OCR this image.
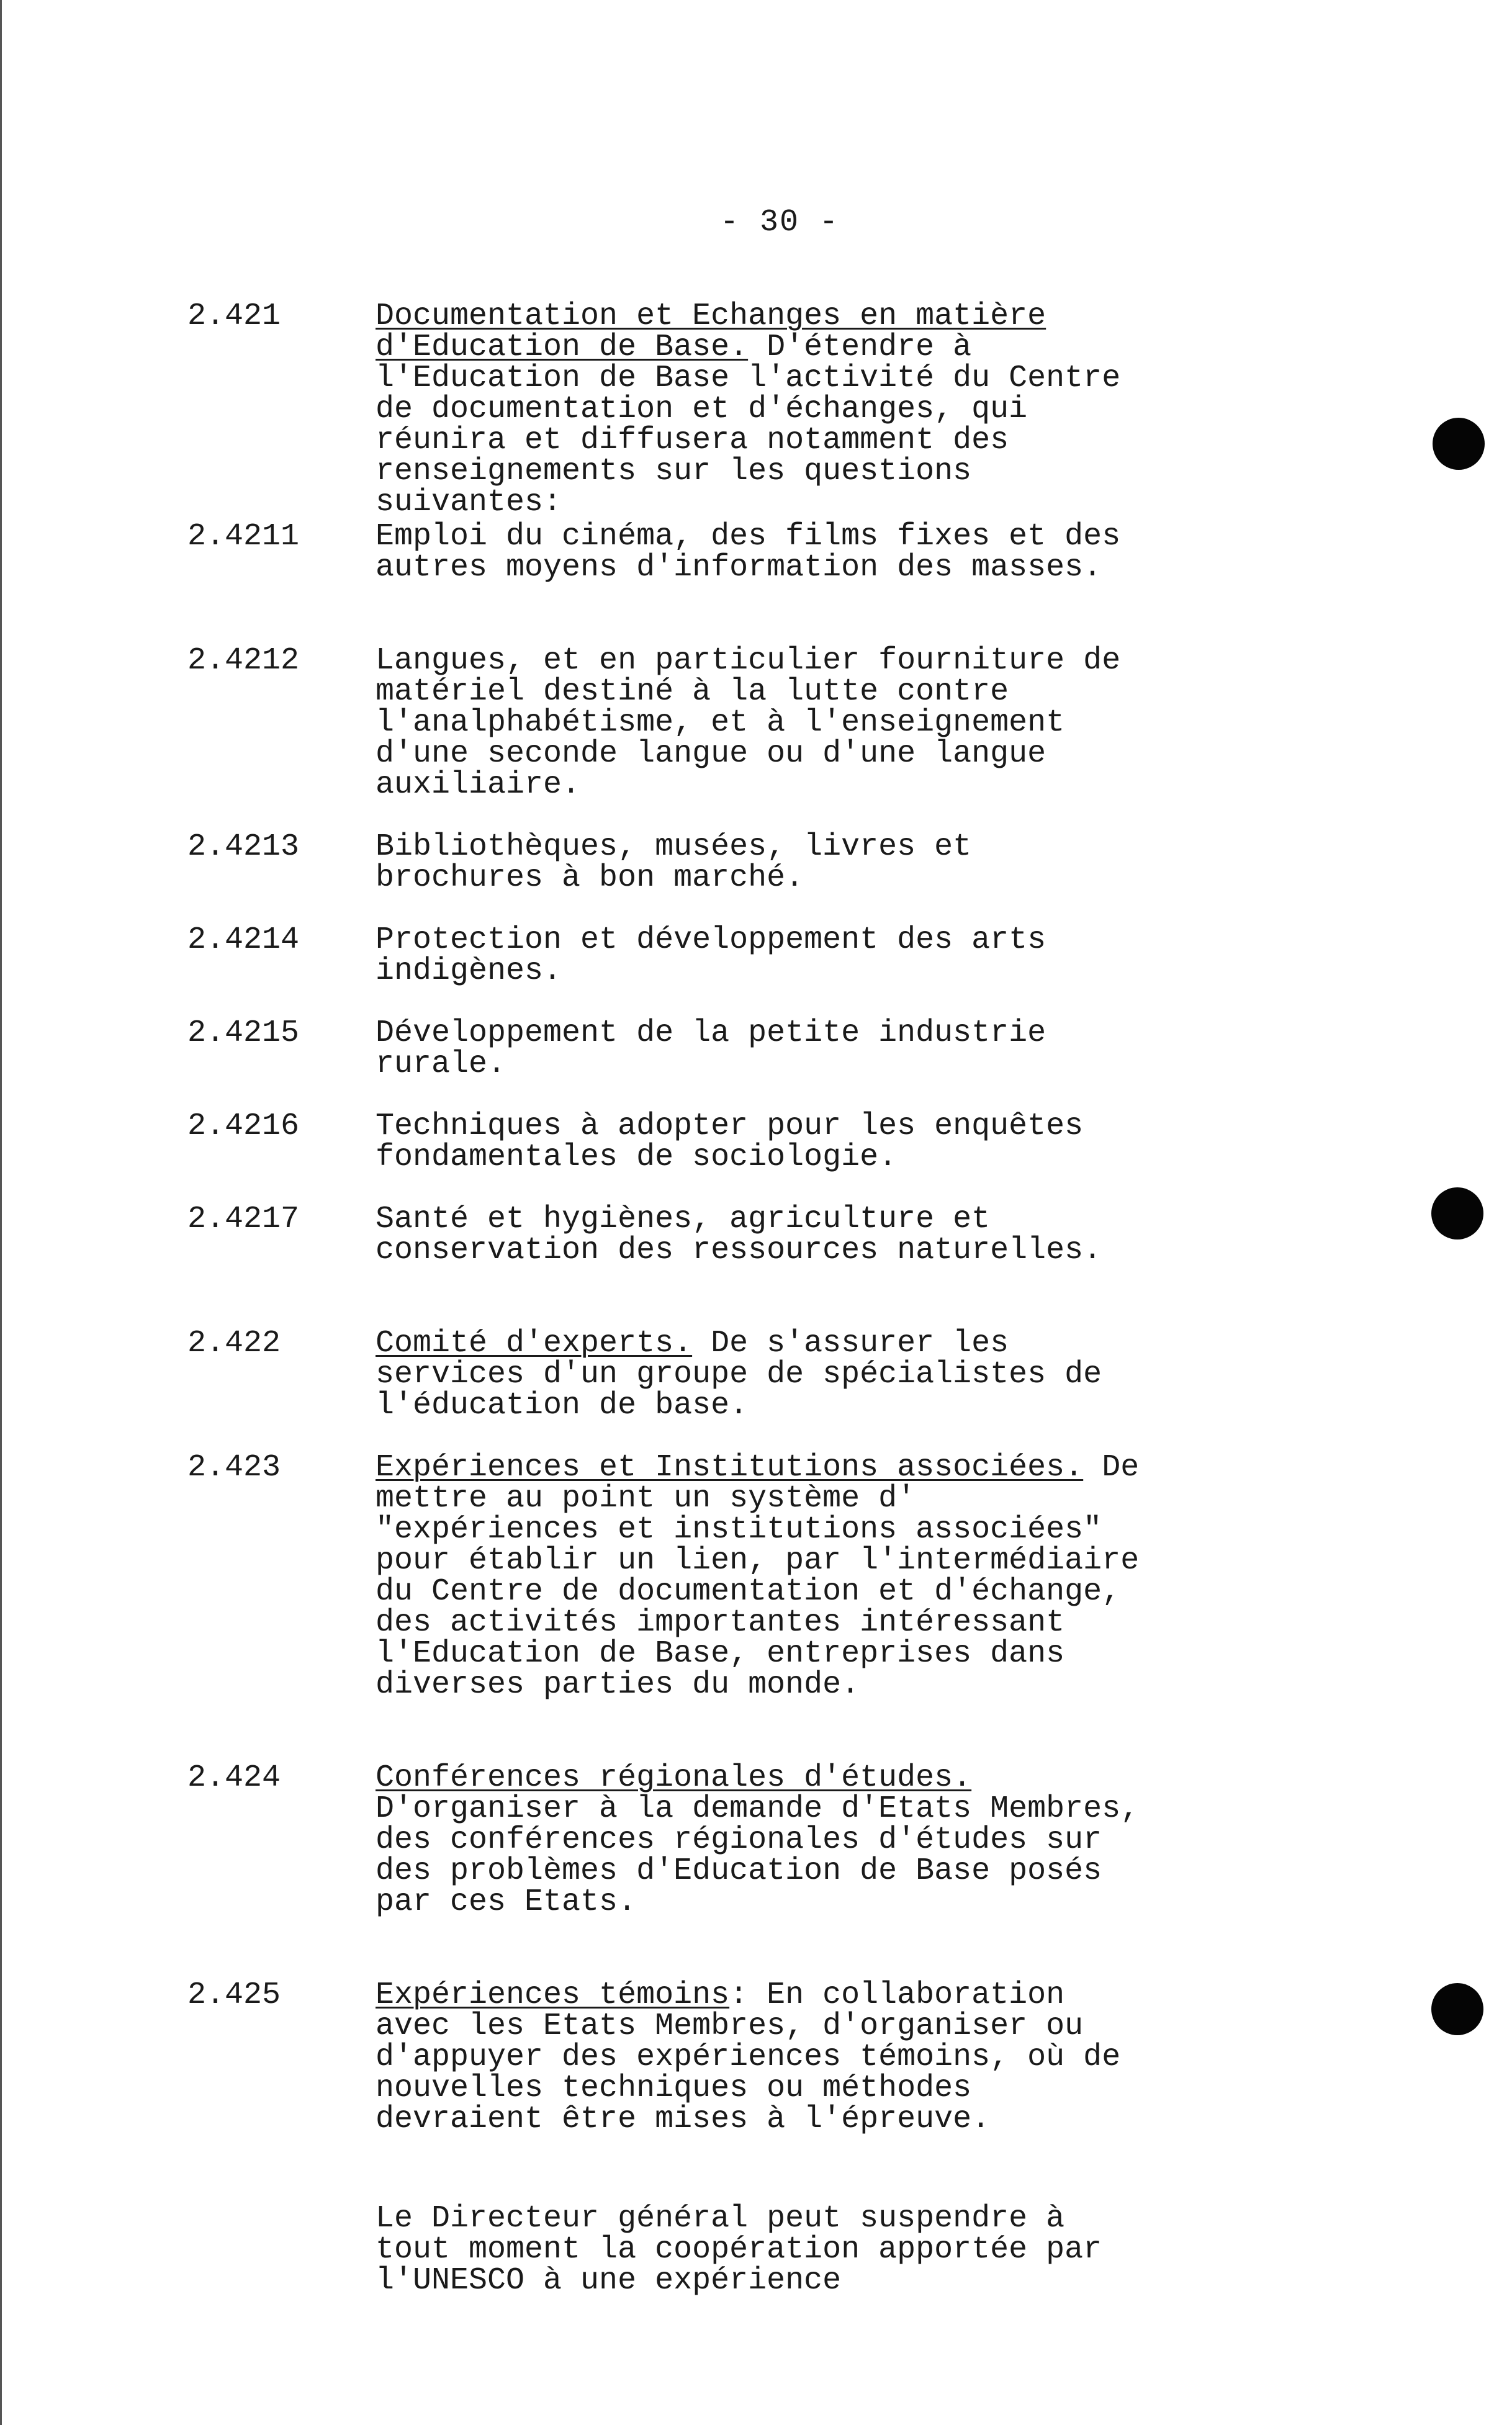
- 30 -
2.421	Documentation et Echanges en matière d'Education de Base. D'étendre à l'Education de Base l'activité du Centre de documentation et d'échanges, qui réunira et diffusera notamment des renseignements sur les questions suivantes:
2.4211 Emploi du cinéma, des films fixes et des autres moyens d'information des masses.
2.4212 Langues, et en particulier fourniture de matériel destiné à la lutte contre l'analphabétisme, et à l'enseignement d'une seconde langue ou d'une langue auxiliaire.
2.4213 Bibliothèques, musées, livres et brochures à bon marché.
2.4214 Protection et développement des arts indigènes.
2.4215 Développement de la petite industrie rurale.
2.4216 Techniques à adopter pour les enquêtes fondamentales de sociologie.
2.4217 Santé et hygiènes, agriculture et conservation des ressources naturelles.
2.422	Comité d'experts. De s'assurer les services d'un groupe de spécialistes de l'éducation de base.
2.423	Expériences et Institutions associées. De mettre au point un système d' "expériences et institutions associées" pour établir un lien, par l'intermédiaire du Centre de documentation et d'échange, des activités importantes intéressant l'Education de Base, entreprises dans diverses parties du monde.
2.424	Conférences régionales d'études. D'organiser à la demande d'Etats Membres, des conférences régionales d'études sur des problèmes d'Education de Base posés par ces Etats.
2.425	Expériences témoins: En collaboration avec les Etats Membres, d'organiser ou d'appuyer des expériences témoins, où de nouvelles techniques ou méthodes devraient être mises à l'épreuve.
Le Directeur général peut suspendre à tout moment la coopération apportée par l'UNESCO à une expérience
